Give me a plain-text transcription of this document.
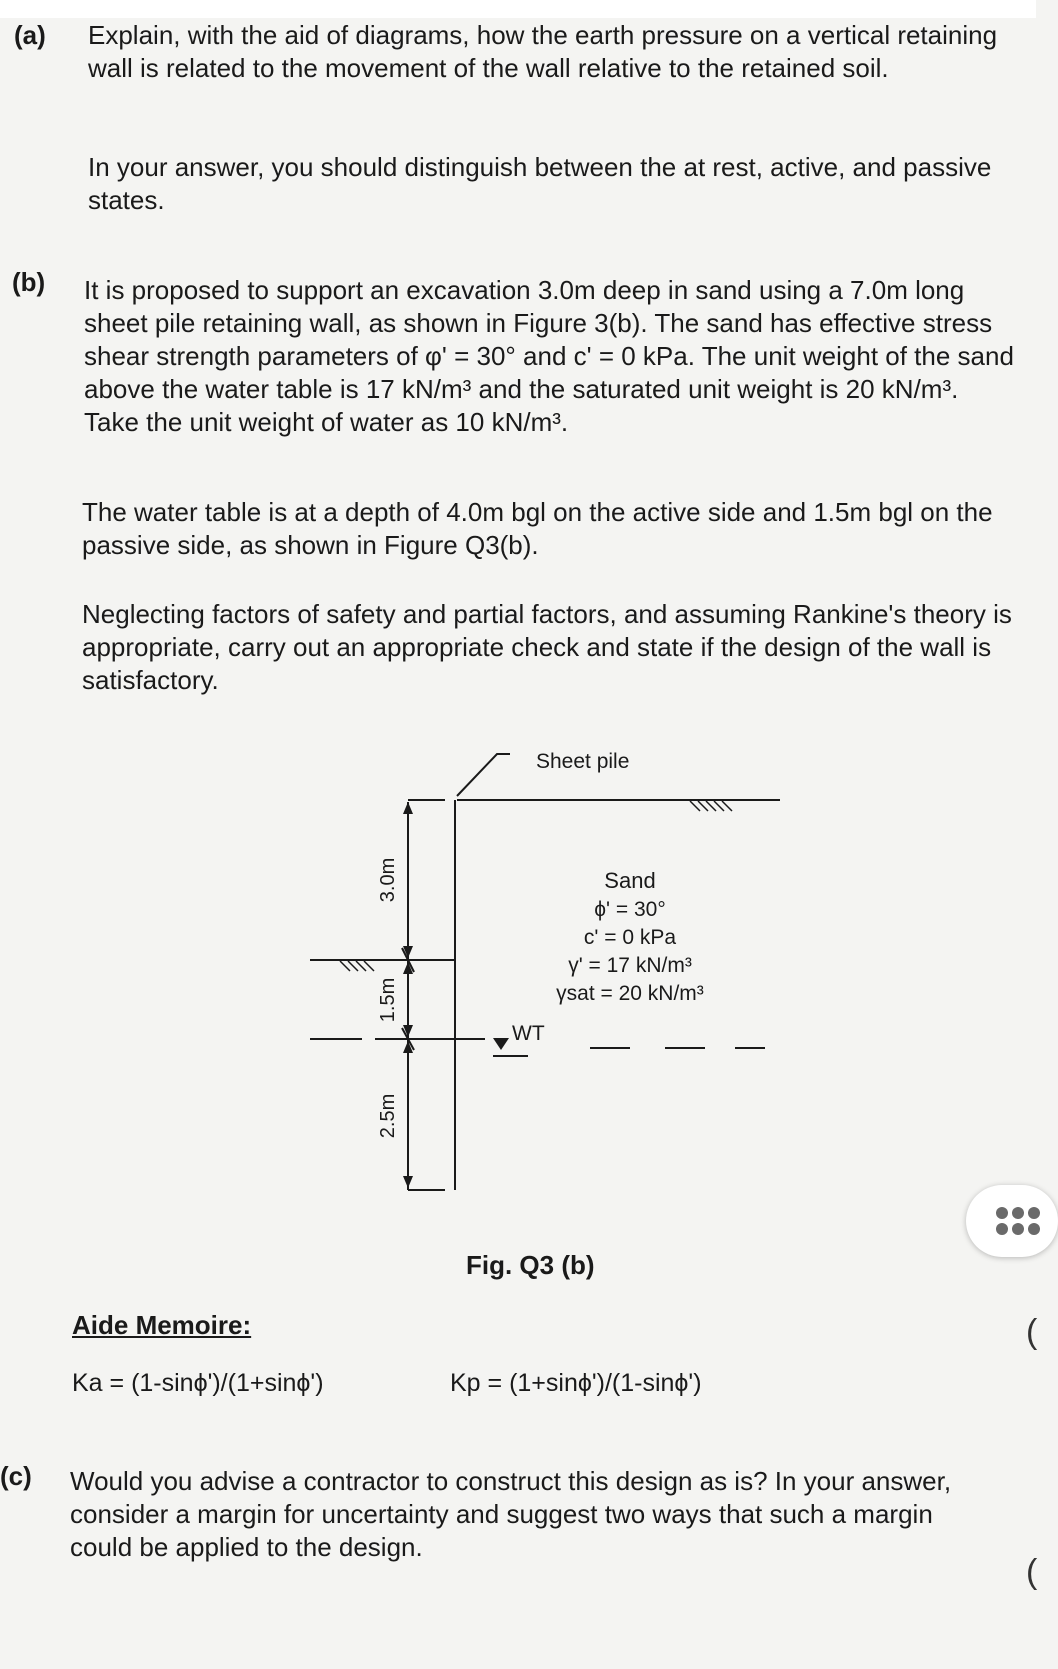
(a) Explain, with the aid of diagrams, how the earth pressure on a vertical retaining wall is related to the movement of the wall relative to the retained soil.

In your answer, you should distinguish between the at rest, active, and passive states.

(b) It is proposed to support an excavation 3.0m deep in sand using a 7.0m long sheet pile retaining wall, as shown in Figure 3(b). The sand has effective stress shear strength parameters of φ' = 30° and c' = 0 kPa. The unit weight of the sand above the water table is 17 kN/m³ and the saturated unit weight is 20 kN/m³. Take the unit weight of water as 10 kN/m³.

The water table is at a depth of 4.0m bgl on the active side and 1.5m bgl on the passive side, as shown in Figure Q3(b).

Neglecting factors of safety and partial factors, and assuming Rankine's theory is appropriate, carry out an appropriate check and state if the design of the wall is satisfactory.

Sheet pile
Sand
ϕ' = 30°
c' = 0 kPa
γ' = 17 kN/m³
γsat = 20 kN/m³
WT
3.0m
1.5m
2.5m
Fig. Q3 (b)
Aide Memoire:
Ka = (1-sinϕ')/(1+sinϕ')	Kp = (1+sinϕ')/(1-sinϕ')
(c) Would you advise a contractor to construct this design as is? In your answer, consider a margin for uncertainty and suggest two ways that such a margin could be applied to the design.

(
(
